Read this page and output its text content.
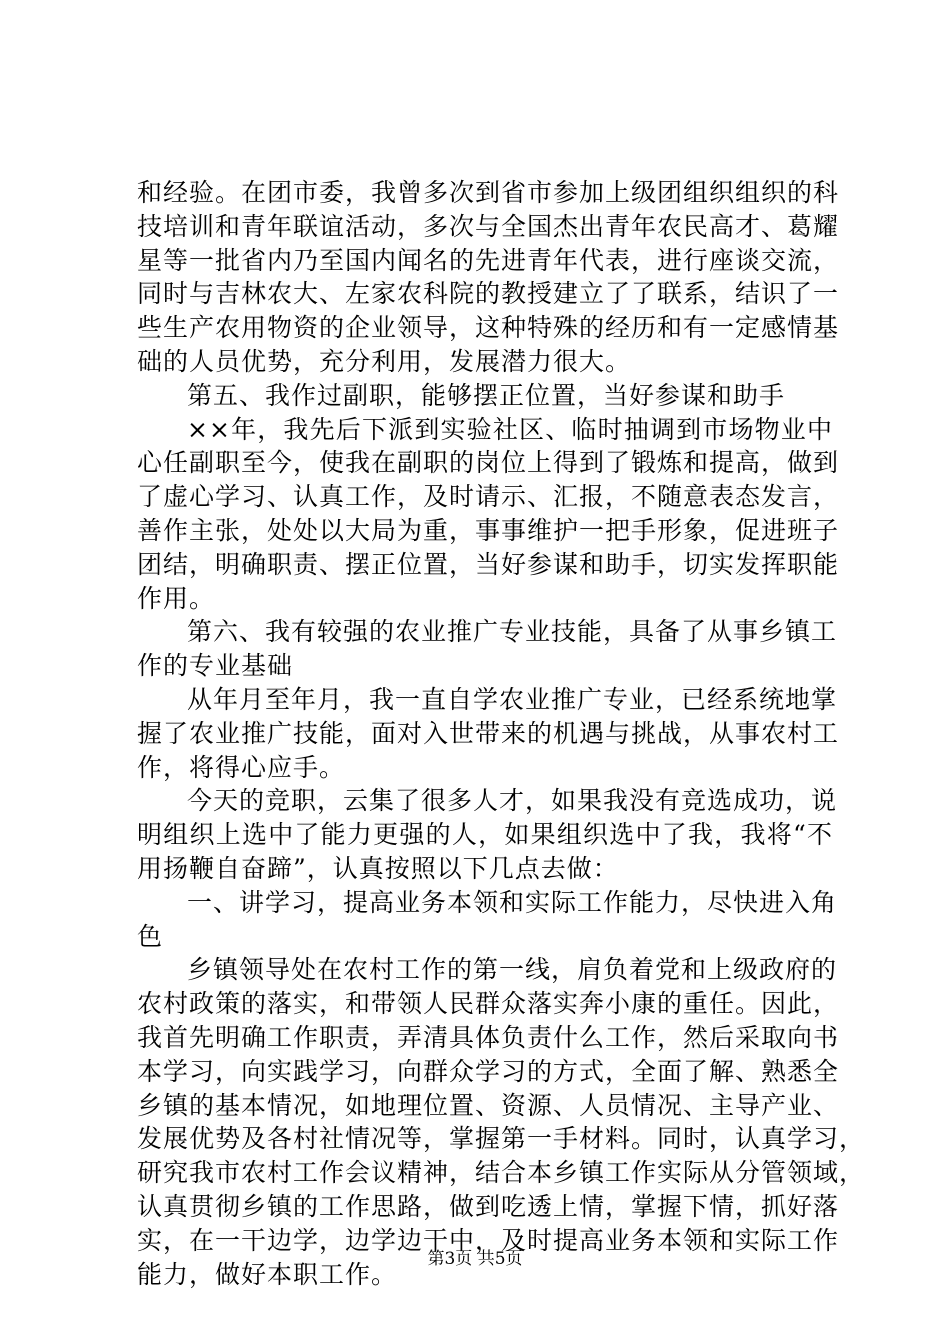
和经验。在团市委，我曾多次到省市参加上级团组织组织的科
技培训和青年联谊活动，多次与全国杰出青年农民高才、葛耀
星等一批省内乃至国内闻名的先进青年代表，进行座谈交流，
同时与吉林农大、左家农科院的教授建立了了联系，结识了一
些生产农用物资的企业领导，这种特殊的经历和有一定感情基
础的人员优势，充分利用，发展潜力很大。
第五、我作过副职，能够摆正位置，当好参谋和助手
××年，我先后下派到实验社区、临时抽调到市场物业中
心任副职至今，使我在副职的岗位上得到了锻炼和提高，做到
了虚心学习、认真工作，及时请示、汇报，不随意表态发言，
善作主张，处处以大局为重，事事维护一把手形象，促进班子
团结，明确职责、摆正位置，当好参谋和助手，切实发挥职能
作用。
第六、我有较强的农业推广专业技能，具备了从事乡镇工
作的专业基础
从年月至年月，我一直自学农业推广专业，已经系统地掌
握了农业推广技能，面对入世带来的机遇与挑战，从事农村工
作，将得心应手。
今天的竞职，云集了很多人才，如果我没有竞选成功，说
明组织上选中了能力更强的人，如果组织选中了我，我将“不
用扬鞭自奋蹄”，认真按照以下几点去做：
一、讲学习，提高业务本领和实际工作能力，尽快进入角
色
乡镇领导处在农村工作的第一线，肩负着党和上级政府的
农村政策的落实，和带领人民群众落实奔小康的重任。因此，
我首先明确工作职责，弄清具体负责什么工作，然后采取向书
本学习，向实践学习，向群众学习的方式，全面了解、熟悉全
乡镇的基本情况，如地理位置、资源、人员情况、主导产业、
发展优势及各村社情况等，掌握第一手材料。同时，认真学习，
研究我市农村工作会议精神，结合本乡镇工作实际从分管领域，
认真贯彻乡镇的工作思路，做到吃透上情，掌握下情，抓好落
实，在一干边学，边学边干中，及时提高业务本领和实际工作
能力，做好本职工作。
第3页 共5页
